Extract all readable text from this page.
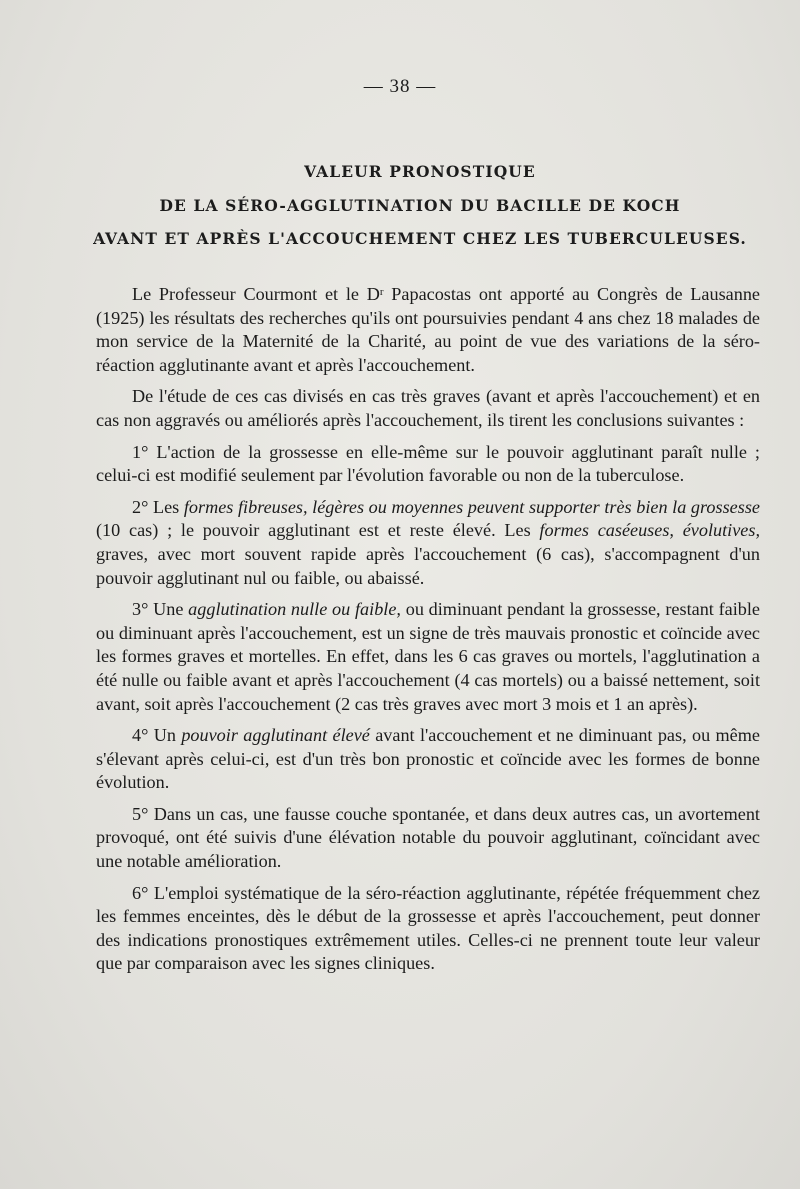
— 38 —
VALEUR PRONOSTIQUE
DE LA SÉRO-AGGLUTINATION DU BACILLE DE KOCH
AVANT ET APRÈS L'ACCOUCHEMENT CHEZ LES TUBERCULEUSES.

Le Professeur Courmont et le $D^r$ Papacostas ont apporté au Congrès de Lausanne (1925) les résultats des recherches qu'ils ont poursuivies pendant 4 ans chez 18 malades de mon service de la Maternité de la Charité, au point de vue des variations de la séro-réaction agglutinante avant et après l'accouchement.

De l'étude de ces cas divisés en cas très graves (avant et après l'accouchement) et en cas non aggravés ou améliorés après l'accouchement, ils tirent les conclusions suivantes :

1° L'action de la grossesse en elle-même sur le pouvoir agglutinant paraît nulle ; celui-ci est modifié seulement par l'évolution favorable ou non de la tuberculose.

2° Les formes fibreuses, légères ou moyennes peuvent supporter très bien la grossesse (10 cas) ; le pouvoir agglutinant est et reste élevé. Les formes caséeuses, évolutives, graves, avec mort souvent rapide après l'accouchement (6 cas), s'accompagnent d'un pouvoir agglutinant nul ou faible, ou abaissé.

3° Une agglutination nulle ou faible, ou diminuant pendant la grossesse, restant faible ou diminuant après l'accouchement, est un signe de très mauvais pronostic et coïncide avec les formes graves et mortelles. En effet, dans les 6 cas graves ou mortels, l'agglutination a été nulle ou faible avant et après l'accouchement (4 cas mortels) ou a baissé nettement, soit avant, soit après l'accouchement (2 cas très graves avec mort 3 mois et 1 an après).

4° Un pouvoir agglutinant élevé avant l'accouchement et ne diminuant pas, ou même s'élevant après celui-ci, est d'un très bon pronostic et coïncide avec les formes de bonne évolution.

5° Dans un cas, une fausse couche spontanée, et dans deux autres cas, un avortement provoqué, ont été suivis d'une élévation notable du pouvoir agglutinant, coïncidant avec une notable amélioration.

6° L'emploi systématique de la séro-réaction agglutinante, répétée fréquemment chez les femmes enceintes, dès le début de la grossesse et après l'accouchement, peut donner des indications pronostiques extrêmement utiles. Celles-ci ne prennent toute leur valeur que par comparaison avec les signes cliniques.
